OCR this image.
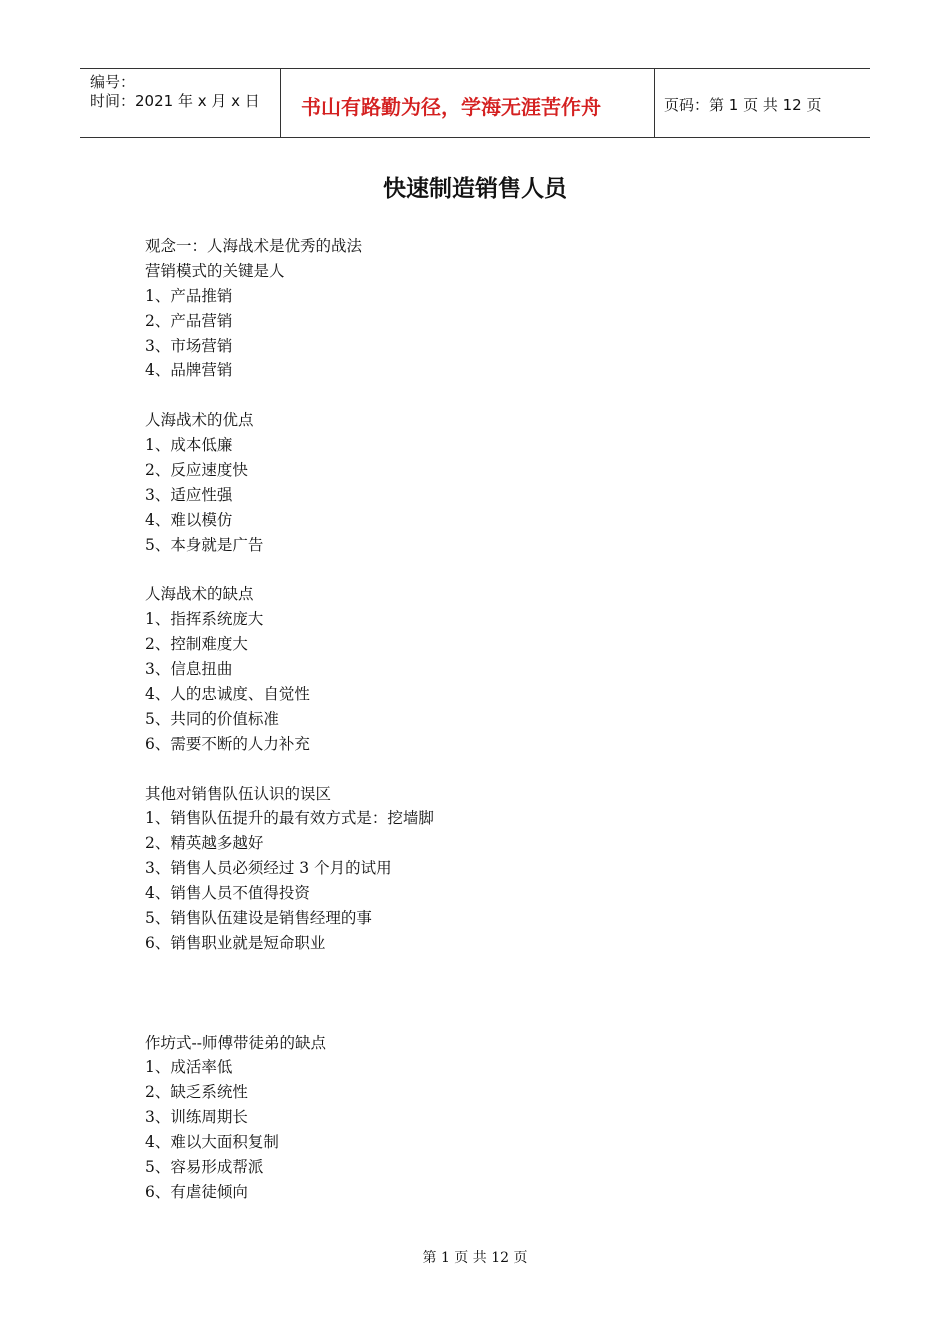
编号：
时间：2021 年 x 月 x 日 书山有路勤为径，学海无涯苦作舟	页码：第 1 页 共 12 页
快速制造销售人员
观念一：人海战术是优秀的战法
营销模式的关键是人
1、产品推销
2、产品营销
3、市场营销
4、品牌营销
人海战术的优点
1、成本低廉
2、反应速度快
3、适应性强
4、难以模仿
5、本身就是广告
人海战术的缺点
1、指挥系统庞大
2、控制难度大
3、信息扭曲
4、人的忠诚度、自觉性
5、共同的价值标准
6、需要不断的人力补充
其他对销售队伍认识的误区
1、销售队伍提升的最有效方式是：挖墙脚
2、精英越多越好
3、销售人员必须经过 3 个月的试用
4、销售人员不值得投资
5、销售队伍建设是销售经理的事
6、销售职业就是短命职业
作坊式--师傅带徒弟的缺点
1、成活率低
2、缺乏系统性
3、训练周期长
4、难以大面积复制
5、容易形成帮派
6、有虐徒倾向
第 1 页 共 12 页
